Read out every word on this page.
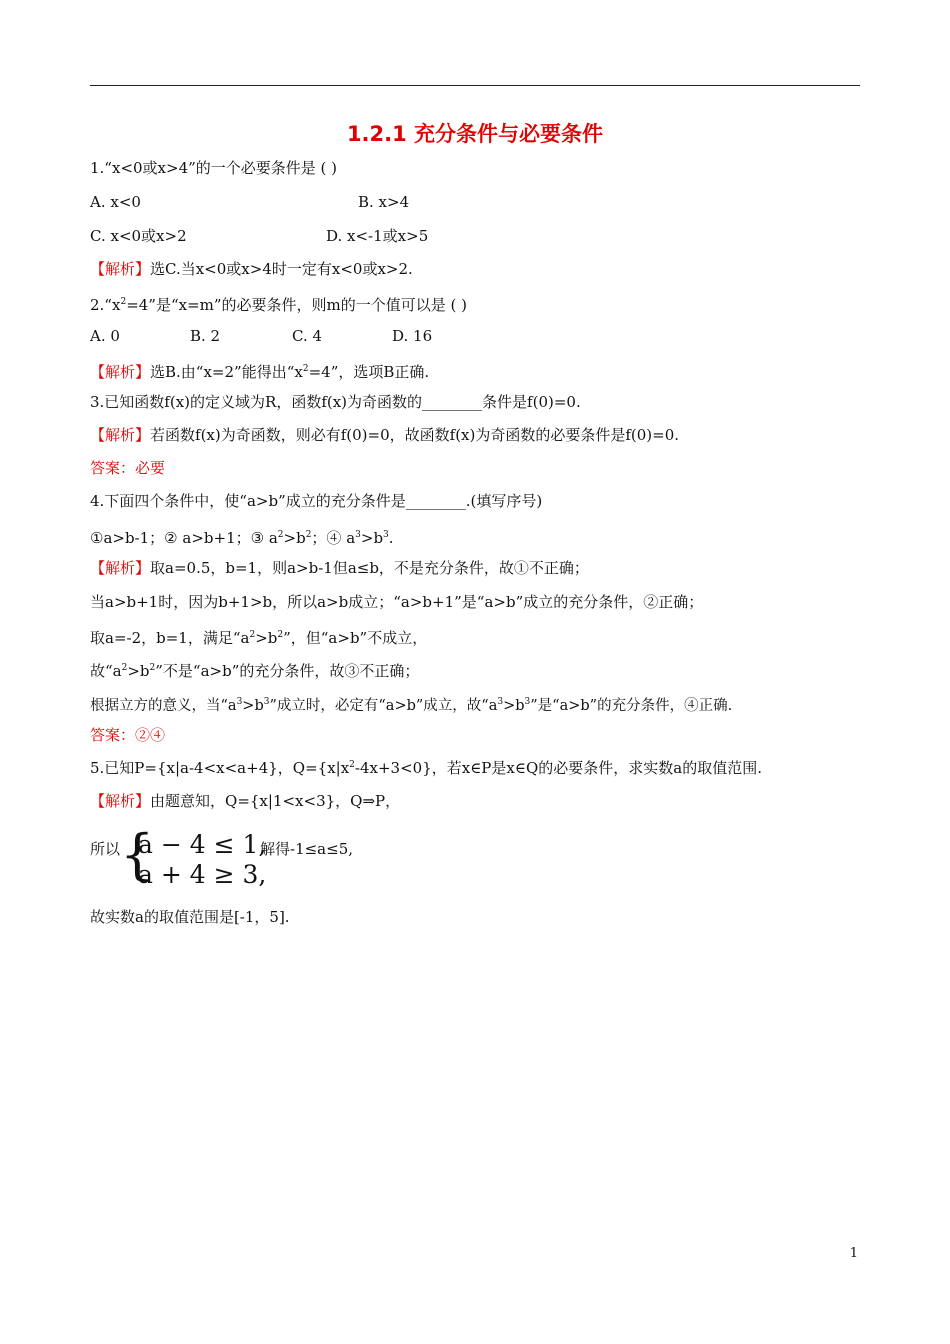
1.2.1 充分条件与必要条件
1.“x<0或x>4”的一个必要条件是 ( )
A. x<0	B. x>4
C. x<0或x>2	D. x<-1或x>5
【解析】选C.当x<0或x>4时一定有x<0或x>2.
$2.“x^2=4$”是“x=m”的必要条件，则m的一个值可以是 ( )
A. 0	B. 2	C. 4	D. 16
【解析】选B.由“x=2”能得出“$x^2=4$”，选项B正确.
3.已知函数f(x)的定义域为R，函数f(x)为奇函数的________条件是f(0)=0.
【解析】若函数f(x)为奇函数，则必有f(0)=0，故函数f(x)为奇函数的必要条件是f(0)=0.
答案：必要
4.下面四个条件中，使“a>b”成立的充分条件是________.(填写序号)
①a>b-1；② a>b+1；③ $a^2>b^2$；④ $a^3>b^3$.
【解析】取a=0.5，b=1，则a>b-1但a≤b，不是充分条件，故①不正确；
当a>b+1时，因为b+1>b，所以a>b成立；“a>b+1”是“a>b”成立的充分条件，②正确；
取a=-2，b=1，满足“$a^2>b^2$”，但“a>b”不成立，
故“$a^2>b^2$”不是“a>b”的充分条件，故③不正确；
根据立方的意义，当“$a^3>b^3$”成立时，必定有“a>b”成立，故“$a^3>b^3$”是“a>b”的充分条件，④正确.
答案：②④
5.已知P={x|a-4<x<a+4}，$Q=\{x|x^2-4x+3<0\}$，若x∈P是x∈Q的必要条件，求实数a的取值范围.
【解析】由题意知，Q={x|1<x<3}，Q⇒P，
所以 {
a − 4 ≤ 1,
a + 4 ≥ 3,
解得-1≤a≤5,
故实数a的取值范围是[-1，5].
1
